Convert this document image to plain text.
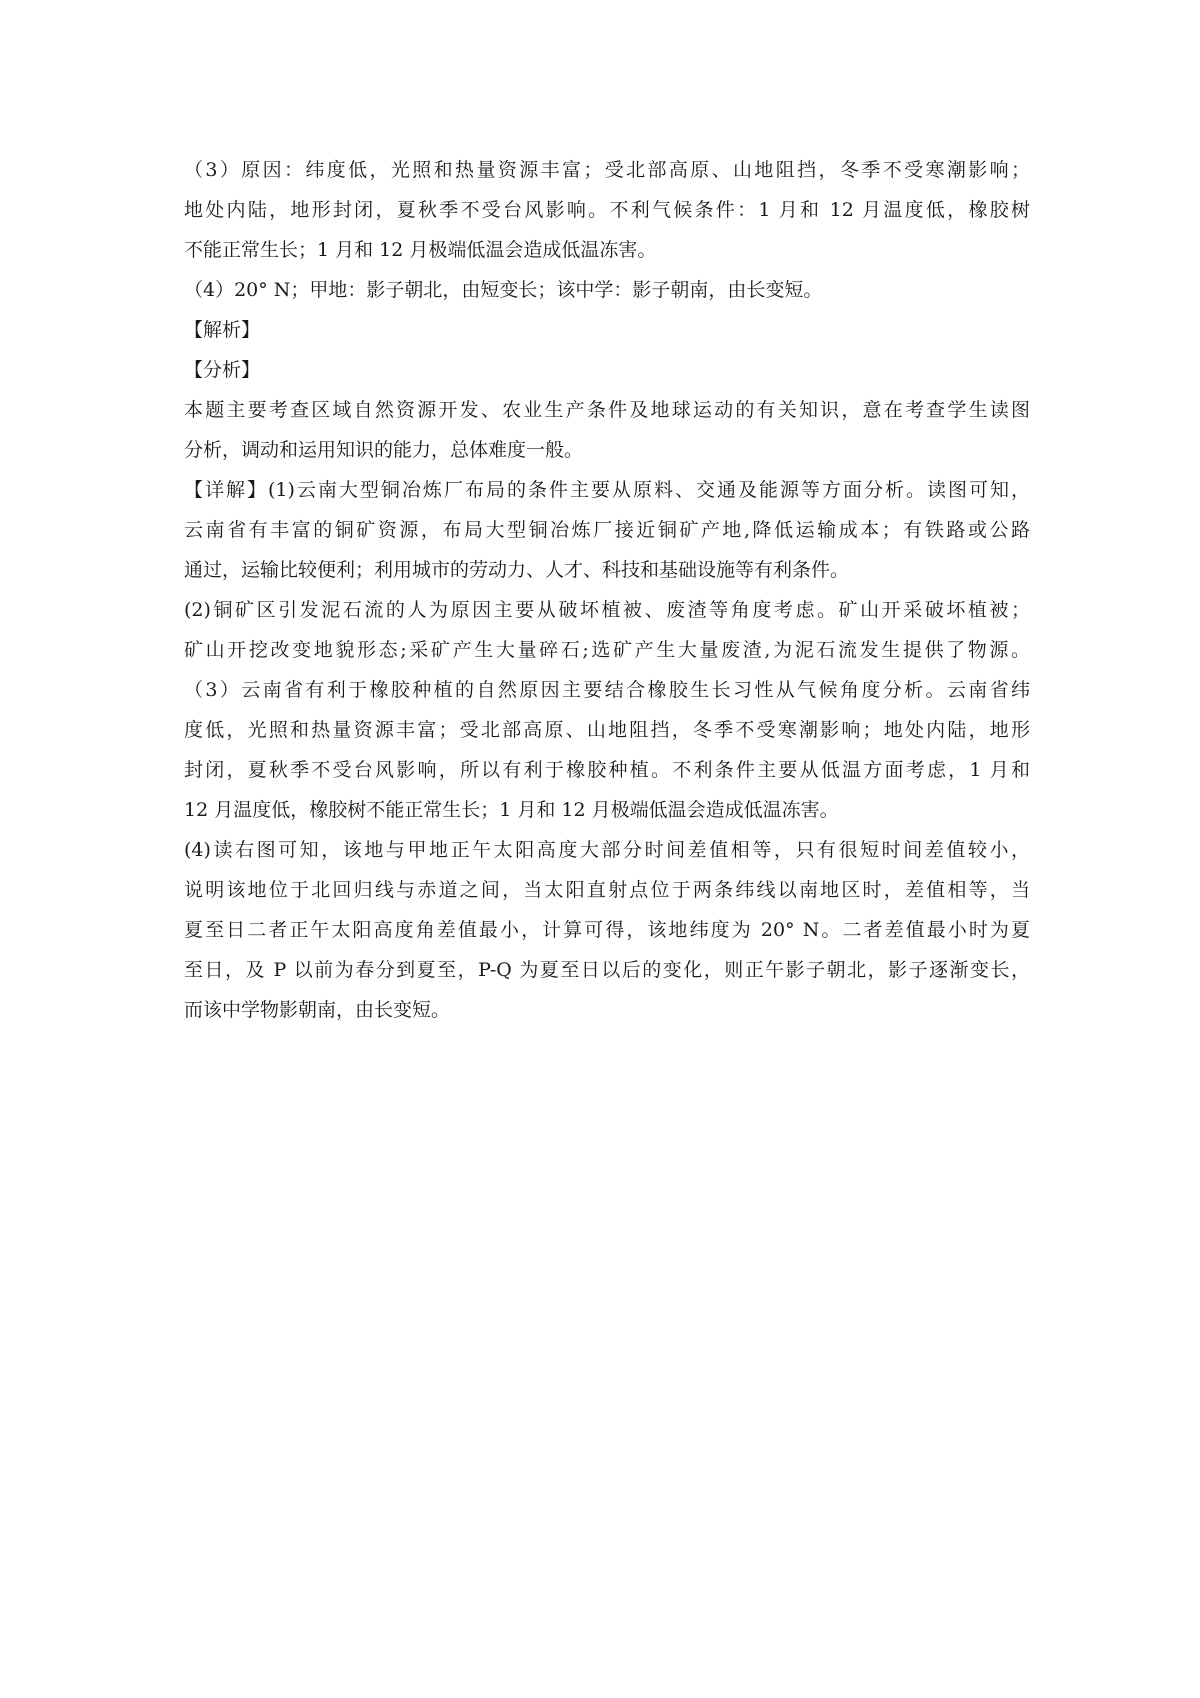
（3）原因：纬度低，光照和热量资源丰富；受北部高原、山地阻挡，冬季不受寒潮影响；
地处内陆，地形封闭，夏秋季不受台风影响。不利气候条件：1 月和 12 月温度低，橡胶树
不能正常生长；1 月和 12 月极端低温会造成低温冻害。
（4）20° N；甲地：影子朝北，由短变长；该中学：影子朝南，由长变短。
【解析】
【分析】
本题主要考查区域自然资源开发、农业生产条件及地球运动的有关知识，意在考查学生读图
分析，调动和运用知识的能力，总体难度一般。
【详解】(1)云南大型铜冶炼厂布局的条件主要从原料、交通及能源等方面分析。读图可知，
云南省有丰富的铜矿资源，布局大型铜冶炼厂接近铜矿产地,降低运输成本；有铁路或公路
通过，运输比较便利；利用城市的劳动力、人才、科技和基础设施等有利条件。
(2)铜矿区引发泥石流的人为原因主要从破坏植被、废渣等角度考虑。矿山开采破坏植被；
矿山开挖改变地貌形态;采矿产生大量碎石;选矿产生大量废渣,为泥石流发生提供了物源。
（3）云南省有利于橡胶种植的自然原因主要结合橡胶生长习性从气候角度分析。云南省纬
度低，光照和热量资源丰富；受北部高原、山地阻挡，冬季不受寒潮影响；地处内陆，地形
封闭，夏秋季不受台风影响，所以有利于橡胶种植。不利条件主要从低温方面考虑，1 月和
12 月温度低，橡胶树不能正常生长；1 月和 12 月极端低温会造成低温冻害。
(4)读右图可知，该地与甲地正午太阳高度大部分时间差值相等，只有很短时间差值较小，
说明该地位于北回归线与赤道之间，当太阳直射点位于两条纬线以南地区时，差值相等，当
夏至日二者正午太阳高度角差值最小，计算可得，该地纬度为 20° N。二者差值最小时为夏
至日，及 P 以前为春分到夏至，P-Q 为夏至日以后的变化，则正午影子朝北，影子逐渐变长，
而该中学物影朝南，由长变短。
